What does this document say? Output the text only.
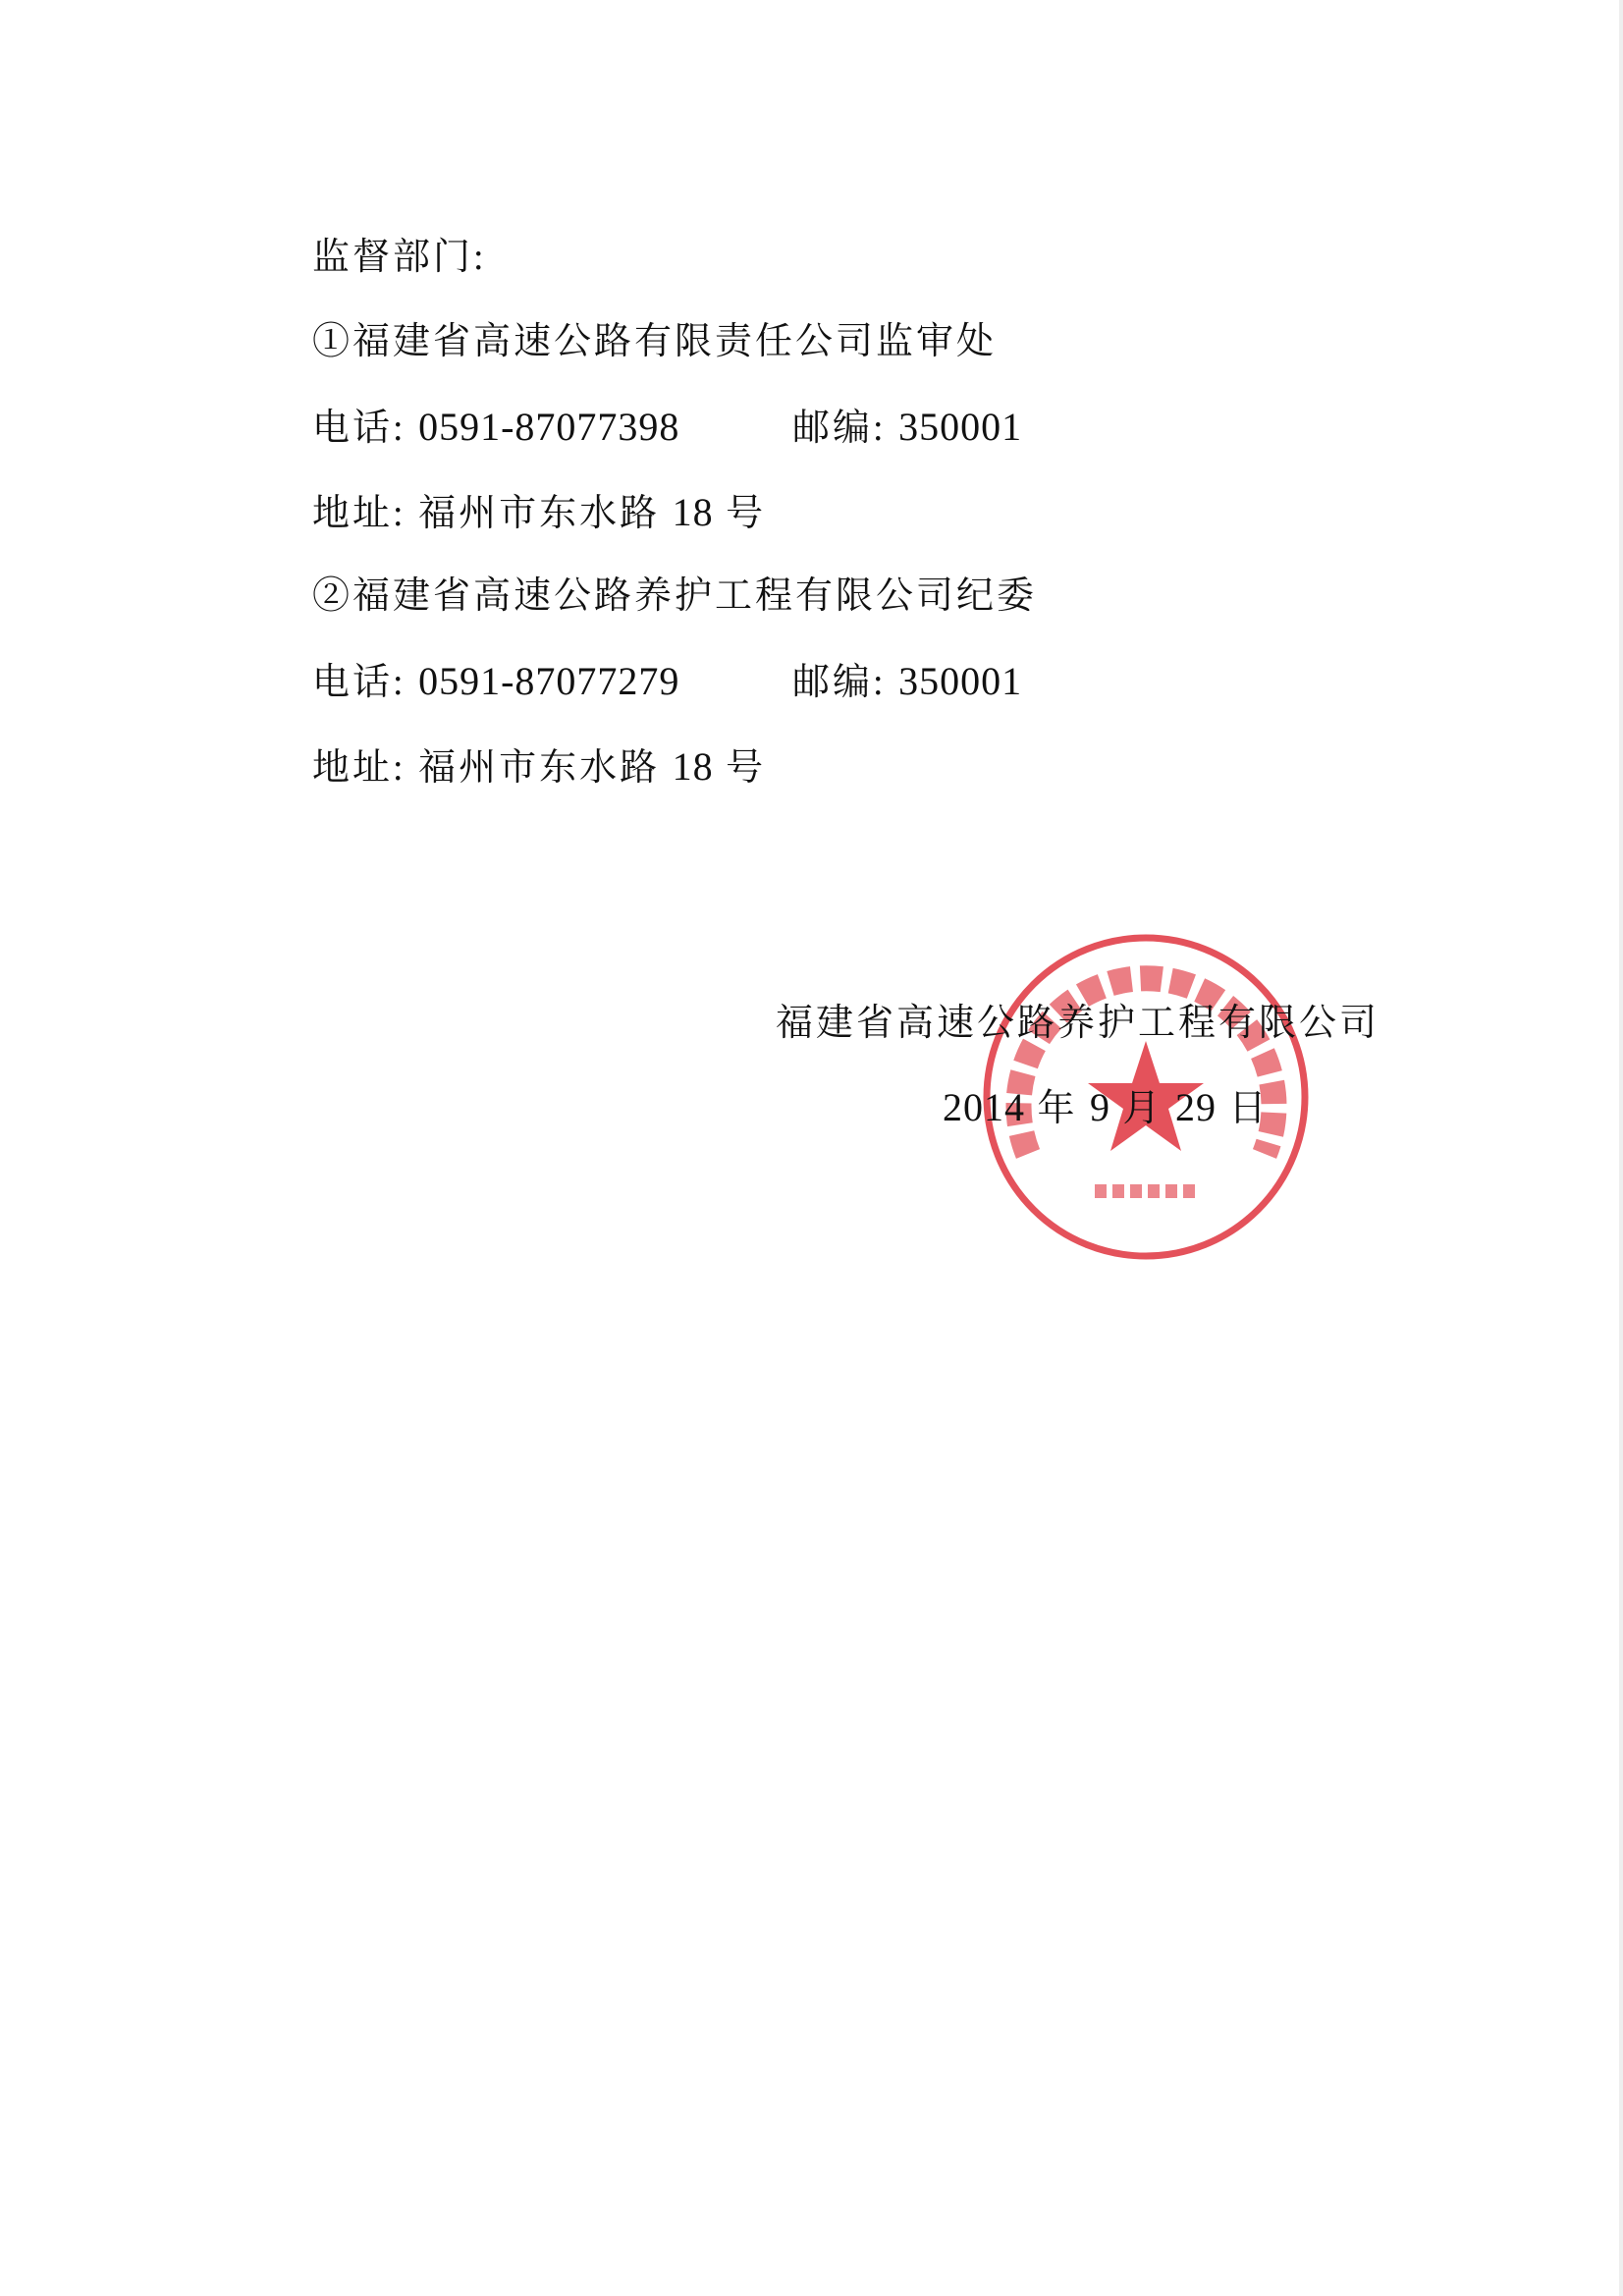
监督部门:
①福建省高速公路有限责任公司监审处
电话: 0591-87077398	邮编: 350001
地址: 福州市东水路 18 号
②福建省高速公路养护工程有限公司纪委
电话: 0591-87077279	邮编: 350001
地址: 福州市东水路 18 号
福建省高速公路养护工程有限公司
2014 年 9 月 29 日
